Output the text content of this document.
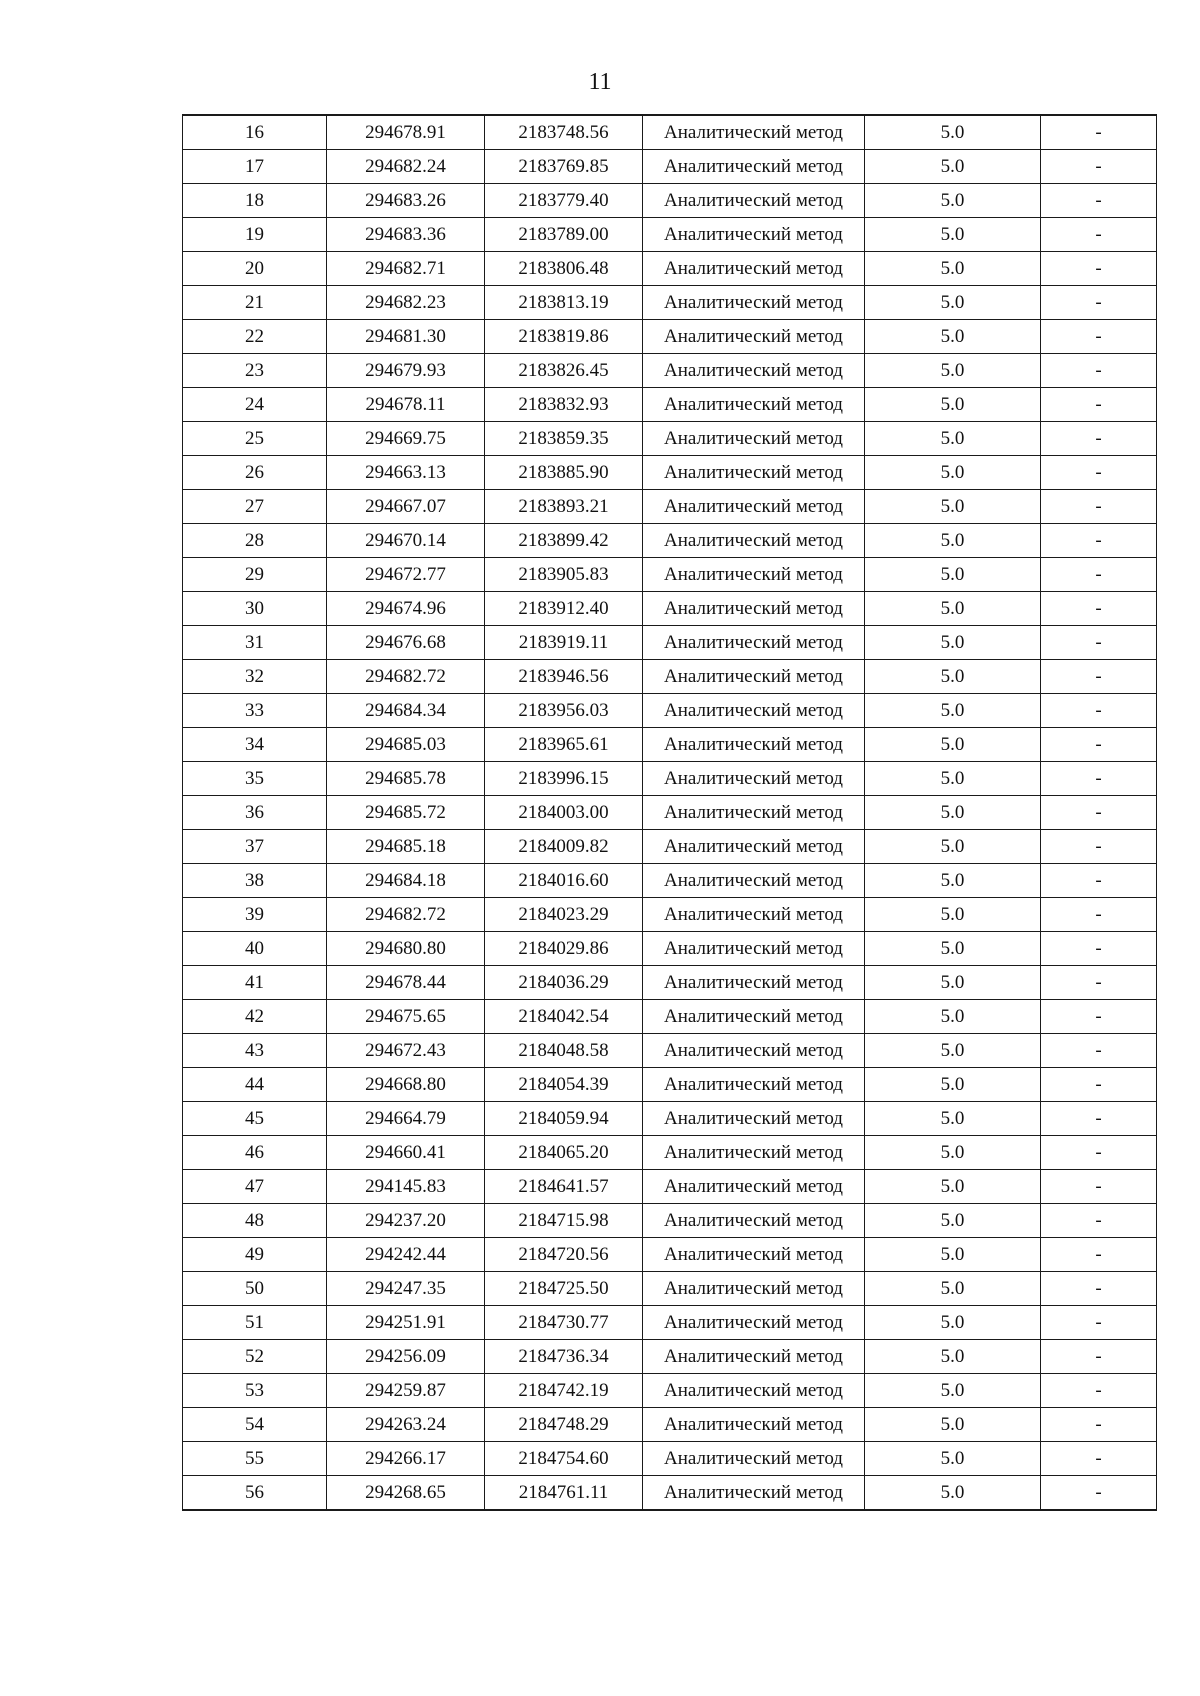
11
16	294678.91	2183748.56	Аналитический метод	5.0	-
17	294682.24	2183769.85	Аналитический метод	5.0	-
18	294683.26	2183779.40	Аналитический метод	5.0	-
19	294683.36	2183789.00	Аналитический метод	5.0	-
20	294682.71	2183806.48	Аналитический метод	5.0	-
21	294682.23	2183813.19	Аналитический метод	5.0	-
22	294681.30	2183819.86	Аналитический метод	5.0	-
23	294679.93	2183826.45	Аналитический метод	5.0	-
24	294678.11	2183832.93	Аналитический метод	5.0	-
25	294669.75	2183859.35	Аналитический метод	5.0	-
26	294663.13	2183885.90	Аналитический метод	5.0	-
27	294667.07	2183893.21	Аналитический метод	5.0	-
28	294670.14	2183899.42	Аналитический метод	5.0	-
29	294672.77	2183905.83	Аналитический метод	5.0	-
30	294674.96	2183912.40	Аналитический метод	5.0	-
31	294676.68	2183919.11	Аналитический метод	5.0	-
32	294682.72	2183946.56	Аналитический метод	5.0	-
33	294684.34	2183956.03	Аналитический метод	5.0	-
34	294685.03	2183965.61	Аналитический метод	5.0	-
35	294685.78	2183996.15	Аналитический метод	5.0	-
36	294685.72	2184003.00	Аналитический метод	5.0	-
37	294685.18	2184009.82	Аналитический метод	5.0	-
38	294684.18	2184016.60	Аналитический метод	5.0	-
39	294682.72	2184023.29	Аналитический метод	5.0	-
40	294680.80	2184029.86	Аналитический метод	5.0	-
41	294678.44	2184036.29	Аналитический метод	5.0	-
42	294675.65	2184042.54	Аналитический метод	5.0	-
43	294672.43	2184048.58	Аналитический метод	5.0	-
44	294668.80	2184054.39	Аналитический метод	5.0	-
45	294664.79	2184059.94	Аналитический метод	5.0	-
46	294660.41	2184065.20	Аналитический метод	5.0	-
47	294145.83	2184641.57	Аналитический метод	5.0	-
48	294237.20	2184715.98	Аналитический метод	5.0	-
49	294242.44	2184720.56	Аналитический метод	5.0	-
50	294247.35	2184725.50	Аналитический метод	5.0	-
51	294251.91	2184730.77	Аналитический метод	5.0	-
52	294256.09	2184736.34	Аналитический метод	5.0	-
53	294259.87	2184742.19	Аналитический метод	5.0	-
54	294263.24	2184748.29	Аналитический метод	5.0	-
55	294266.17	2184754.60	Аналитический метод	5.0	-
56	294268.65	2184761.11	Аналитический метод	5.0	-
